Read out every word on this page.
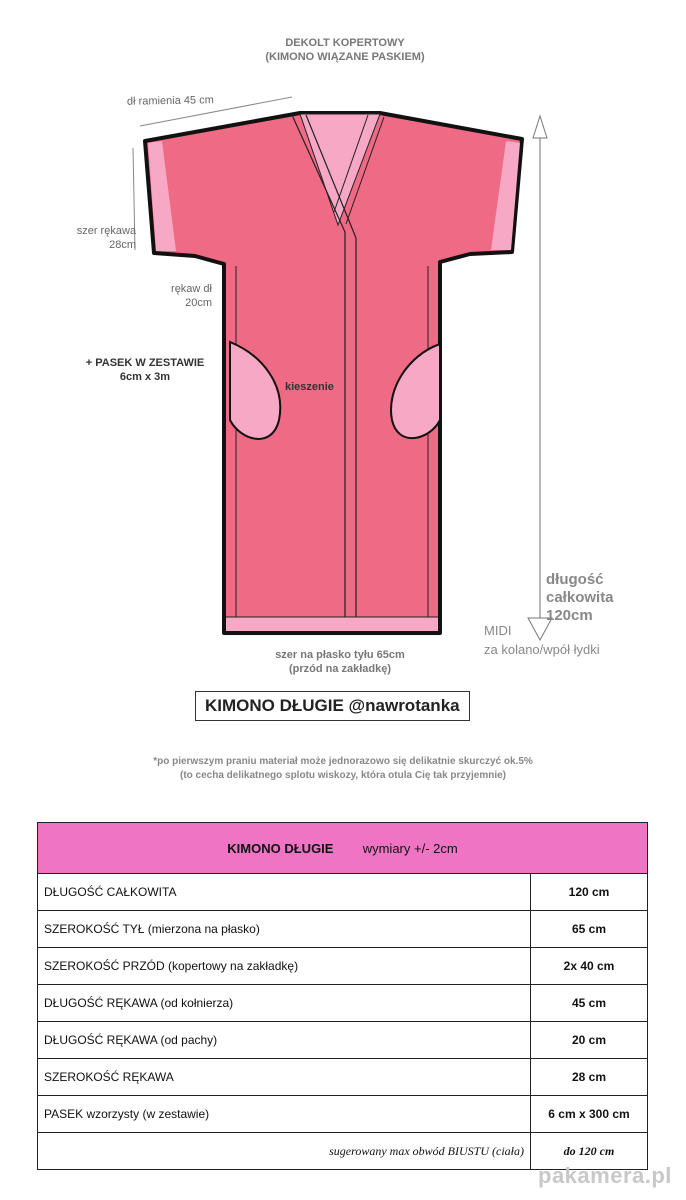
DEKOLT KOPERTOWY
(KIMONO WIĄZANE PASKIEM)
dł ramienia 45 cm
szer rękawa
28cm
rękaw dł
20cm
+ PASEK W ZESTAWIE
6cm x 3m
kieszenie
długość
całkowita
120cm
MIDI
za kolano/wpół łydki
szer na płasko tyłu 65cm
(przód na zakładkę)
KIMONO DŁUGIE @nawrotanka
*po pierwszym praniu materiał może jednorazowo się delikatnie skurczyć ok.5%
(to cecha delikatnego splotu wiskozy, która otula Cię tak przyjemnie)
KIMONO DŁUGIE wymiary +/- 2cm	
DŁUGOŚĆ CAŁKOWITA	120 cm
SZEROKOŚĆ TYŁ (mierzona na płasko)	65 cm
SZEROKOŚĆ PRZÓD (kopertowy na zakładkę)	2x 40 cm
DŁUGOŚĆ RĘKAWA (od kołnierza)	45 cm
DŁUGOŚĆ RĘKAWA (od pachy)	20 cm
SZEROKOŚĆ RĘKAWA	28 cm
PASEK wzorzysty (w zestawie)	6 cm x 300 cm
sugerowany max obwód BIUSTU (ciała)	do 120 cm
pakamera.pl
